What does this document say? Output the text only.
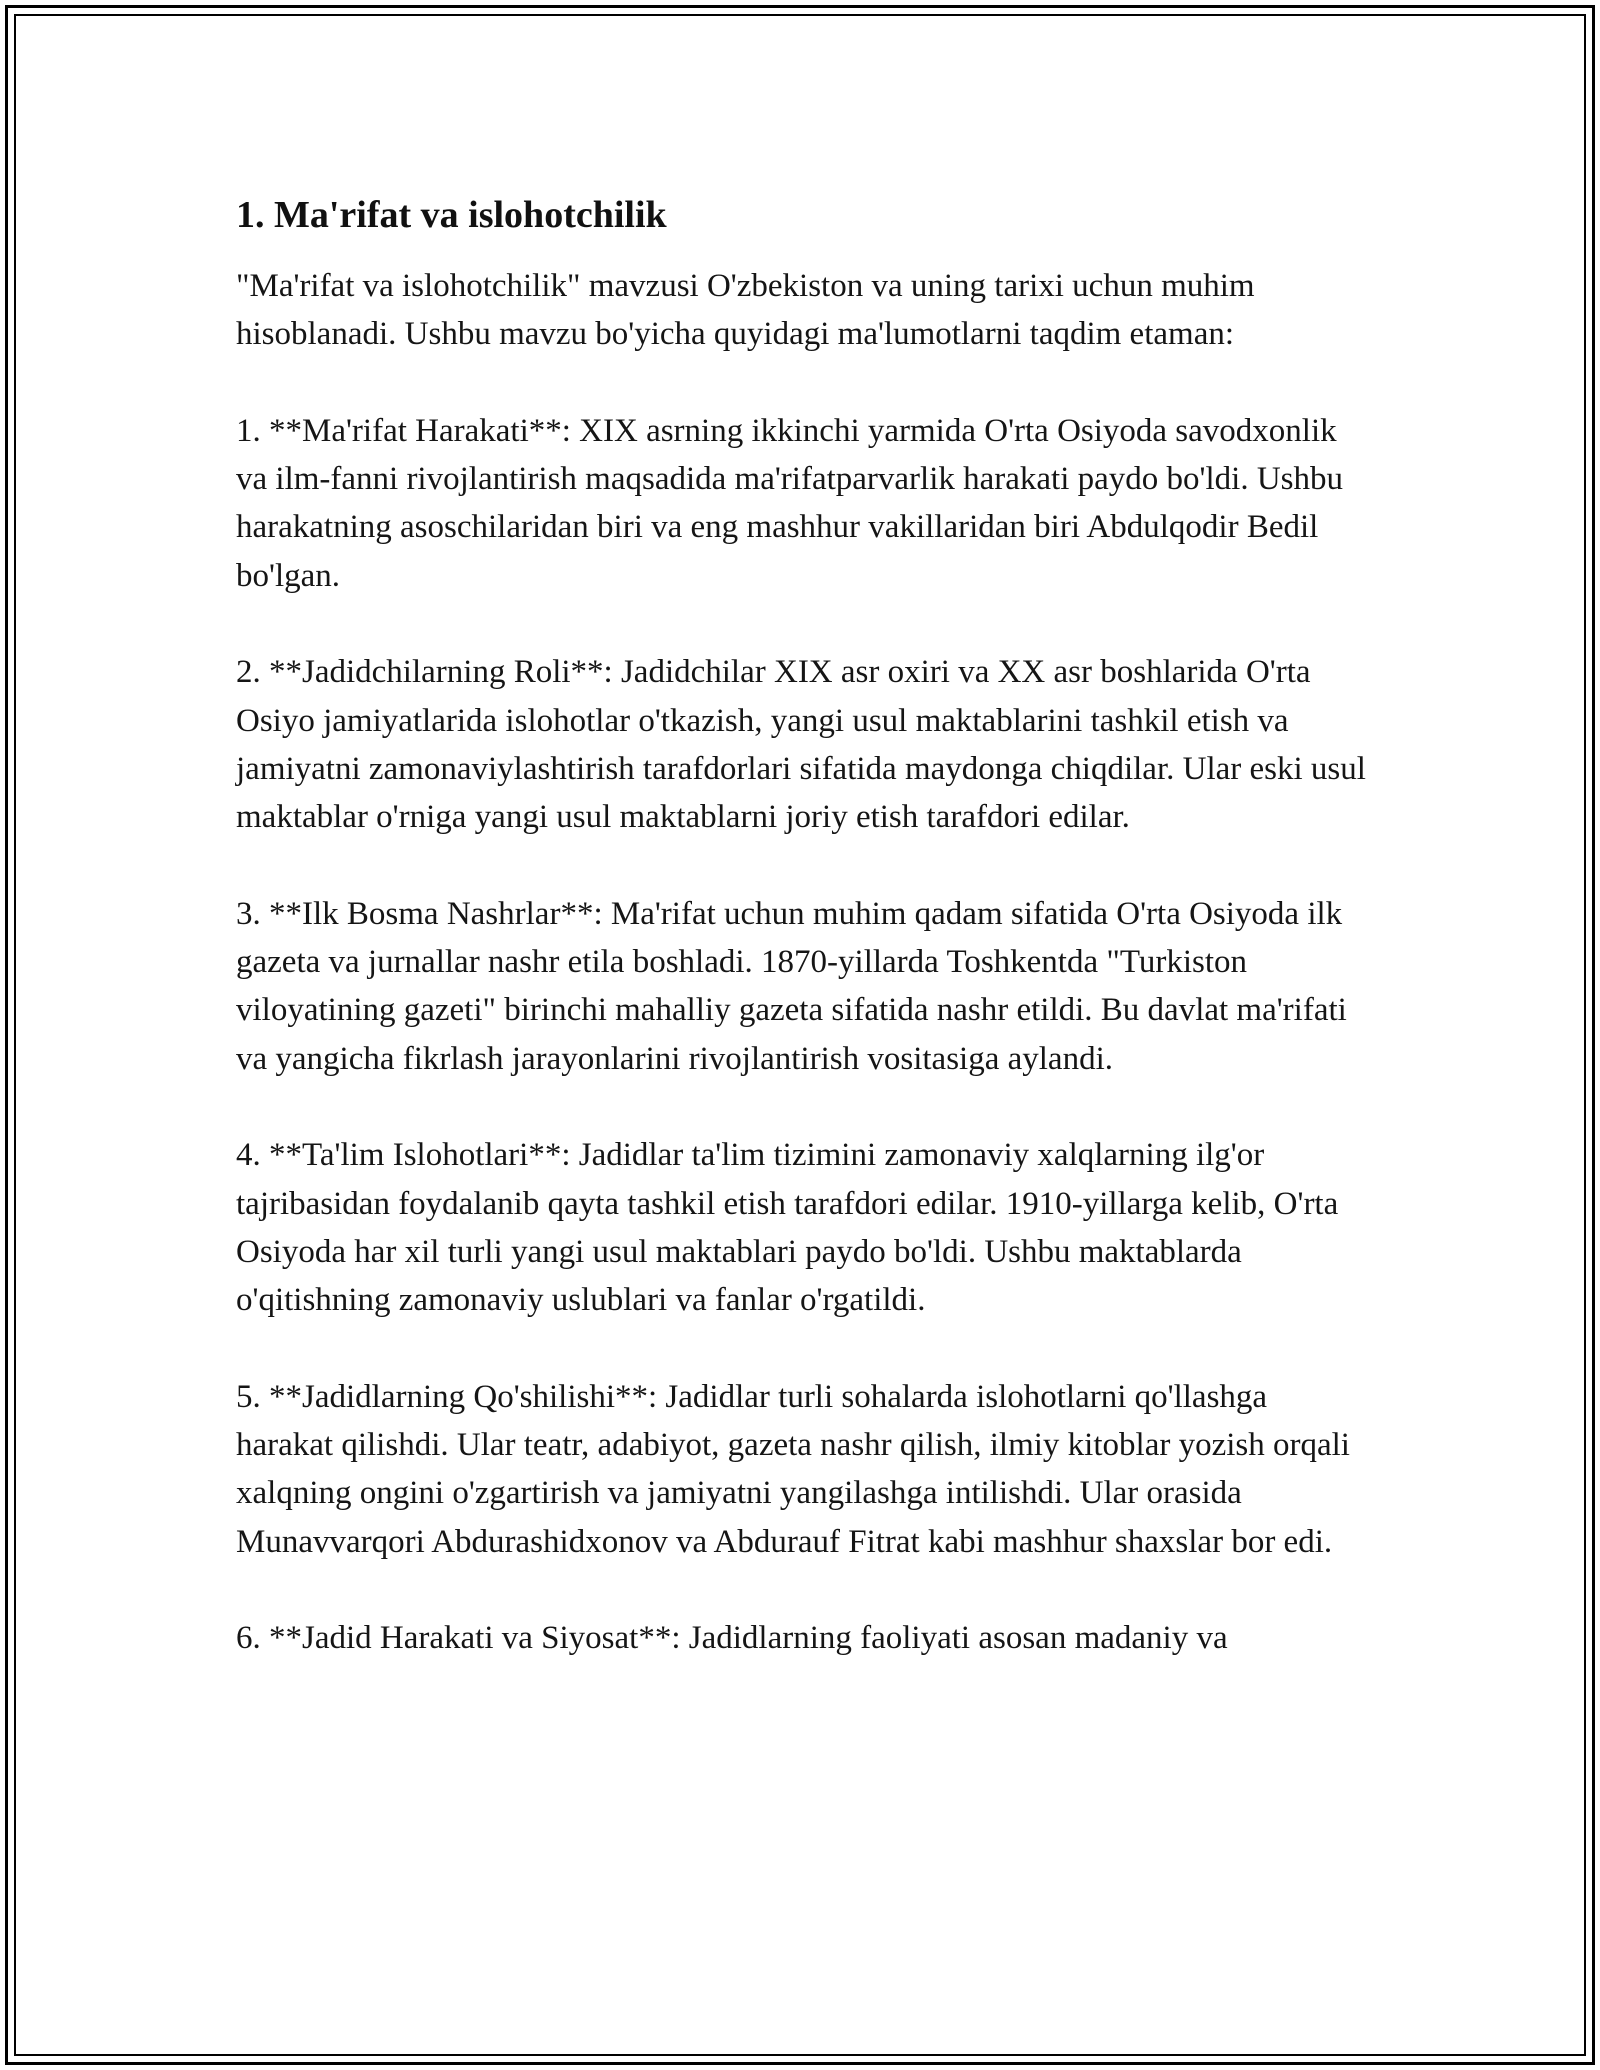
1. Ma'rifat va islohotchilik

"Ma'rifat va islohotchilik" mavzusi O'zbekiston va uning tarixi uchun muhim hisoblanadi. Ushbu mavzu bo'yicha quyidagi ma'lumotlarni taqdim etaman:

1. **Ma'rifat Harakati**: XIX asrning ikkinchi yarmida O'rta Osiyoda savodxonlik va ilm-fanni rivojlantirish maqsadida ma'rifatparvarlik harakati paydo bo'ldi. Ushbu harakatning asoschilaridan biri va eng mashhur vakillaridan biri Abdulqodir Bedil bo'lgan.

2. **Jadidchilarning Roli**: Jadidchilar XIX asr oxiri va XX asr boshlarida O'rta Osiyo jamiyatlarida islohotlar o'tkazish, yangi usul maktablarini tashkil etish va jamiyatni zamonaviylashtirish tarafdorlari sifatida maydonga chiqdilar. Ular eski usul maktablar o'rniga yangi usul maktablarni joriy etish tarafdori edilar.

3. **Ilk Bosma Nashrlar**: Ma'rifat uchun muhim qadam sifatida O'rta Osiyoda ilk gazeta va jurnallar nashr etila boshladi. 1870-yillarda Toshkentda "Turkiston viloyatining gazeti" birinchi mahalliy gazeta sifatida nashr etildi. Bu davlat ma'rifati va yangicha fikrlash jarayonlarini rivojlantirish vositasiga aylandi.

4. **Ta'lim Islohotlari**: Jadidlar ta'lim tizimini zamonaviy xalqlarning ilg'or tajribasidan foydalanib qayta tashkil etish tarafdori edilar. 1910-yillarga kelib, O'rta Osiyoda har xil turli yangi usul maktablari paydo bo'ldi. Ushbu maktablarda o'qitishning zamonaviy uslublari va fanlar o'rgatildi.

5. **Jadidlarning Qo'shilishi**: Jadidlar turli sohalarda islohotlarni qo'llashga harakat qilishdi. Ular teatr, adabiyot, gazeta nashr qilish, ilmiy kitoblar yozish orqali xalqning ongini o'zgartirish va jamiyatni yangilashga intilishdi. Ular orasida Munavvarqori Abdurashidxonov va Abdurauf Fitrat kabi mashhur shaxslar bor edi.

6. **Jadid Harakati va Siyosat**: Jadidlarning faoliyati asosan madaniy va
